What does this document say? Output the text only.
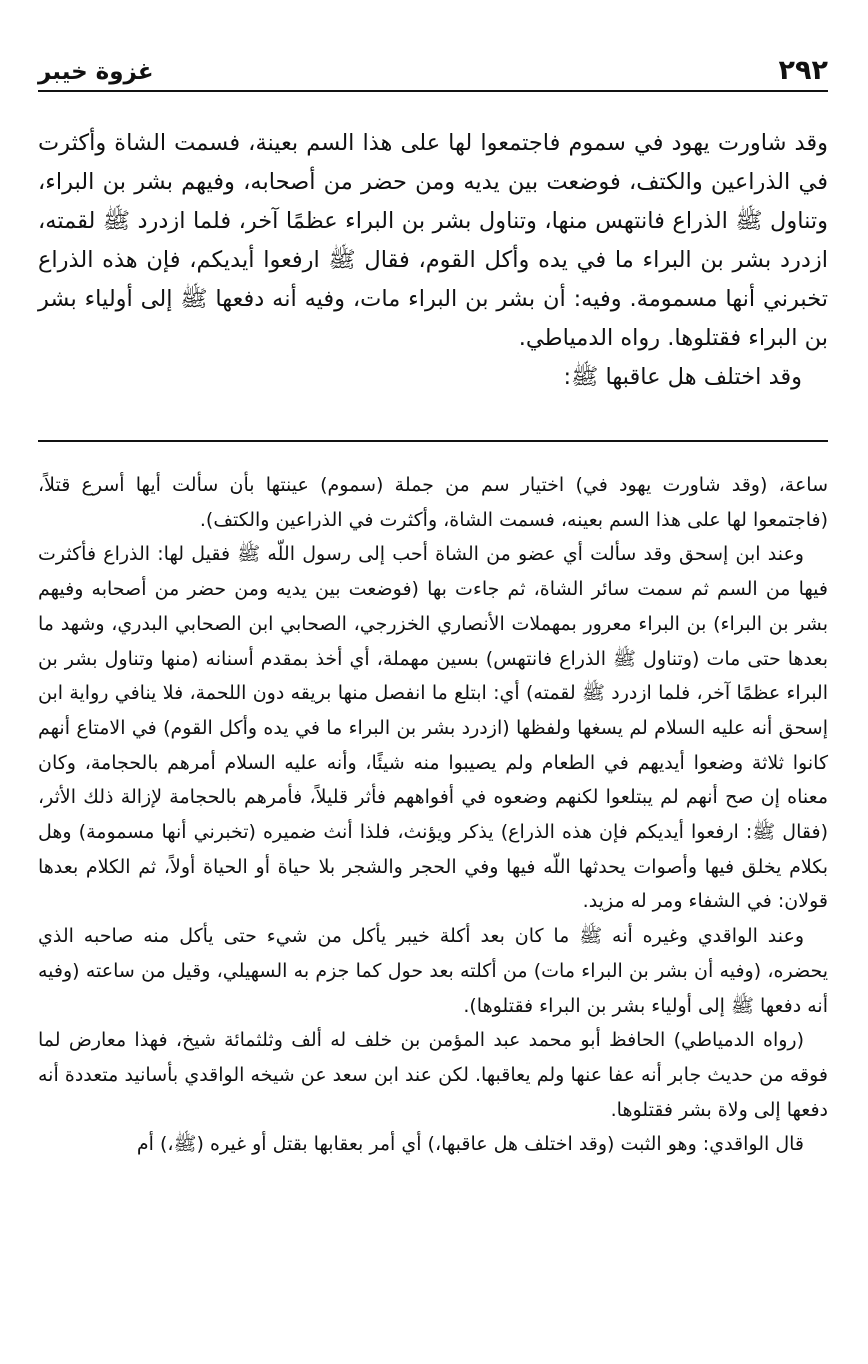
٢٩٢
غزوة خيبر

وقد شاورت يهود في سموم فاجتمعوا لها على هذا السم بعينة، فسمت الشاة وأكثرت في الذراعين والكتف، فوضعت بين يديه ومن حضر من أصحابه، وفيهم بشر بن البراء، وتناول ﷺ الذراع فانتهس منها، وتناول بشر بن البراء عظمًا آخر، فلما ازدرد ﷺ لقمته، ازدرد بشر بن البراء ما في يده وأكل القوم، فقال ﷺ ارفعوا أيديكم، فإن هذه الذراع تخبرني أنها مسمومة. وفيه: أن بشر بن البراء مات، وفيه أنه دفعها ﷺ إلى أولياء بشر بن البراء فقتلوها. رواه الدمياطي.

وقد اختلف هل عاقبها ﷺ:

ساعة، (وقد شاورت يهود في) اختيار سم من جملة (سموم) عينتها بأن سألت أيها أسرع قتلاً، (فاجتمعوا لها على هذا السم بعينه، فسمت الشاة، وأكثرت في الذراعين والكتف).

وعند ابن إسحق وقد سألت أي عضو من الشاة أحب إلى رسول اللّه ﷺ فقيل لها: الذراع فأكثرت فيها من السم ثم سمت سائر الشاة، ثم جاءت بها (فوضعت بين يديه ومن حضر من أصحابه وفيهم بشر بن البراء) بن البراء معرور بمهملات الأنصاري الخزرجي، الصحابي ابن الصحابي البدري، وشهد ما بعدها حتى مات (وتناول ﷺ الذراع فانتهس) بسين مهملة، أي أخذ بمقدم أسنانه (منها وتناول بشر بن البراء عظمًا آخر، فلما ازدرد ﷺ لقمته) أي: ابتلع ما انفصل منها بريقه دون اللحمة، فلا ينافي رواية ابن إسحق أنه عليه السلام لم يسغها ولفظها (ازدرد بشر بن البراء ما في يده وأكل القوم) في الامتاع أنهم كانوا ثلاثة وضعوا أيديهم في الطعام ولم يصيبوا منه شيئًا، وأنه عليه السلام أمرهم بالحجامة، وكان معناه إن صح أنهم لم يبتلعوا لكنهم وضعوه في أفواههم فأثر قليلاً، فأمرهم بالحجامة لإزالة ذلك الأثر، (فقال ﷺ: ارفعوا أيديكم فإن هذه الذراع) يذكر ويؤنث، فلذا أنث ضميره (تخبرني أنها مسمومة) وهل بكلام يخلق فيها وأصوات يحدثها اللّه فيها وفي الحجر والشجر بلا حياة أو الحياة أولاً، ثم الكلام بعدها قولان: في الشفاء ومر له مزيد.

وعند الواقدي وغيره أنه ﷺ ما كان بعد أكلة خيبر يأكل من شيء حتى يأكل منه صاحبه الذي يحضره، (وفيه أن بشر بن البراء مات) من أكلته بعد حول كما جزم به السهيلي، وقيل من ساعته (وفيه أنه دفعها ﷺ إلى أولياء بشر بن البراء فقتلوها).

(رواه الدمياطي) الحافظ أبو محمد عبد المؤمن بن خلف له ألف وثلثمائة شيخ، فهذا معارض لما فوقه من حديث جابر أنه عفا عنها ولم يعاقبها. لكن عند ابن سعد عن شيخه الواقدي بأسانيد متعددة أنه دفعها إلى ولاة بشر فقتلوها.

قال الواقدي: وهو الثبت (وقد اختلف هل عاقبها،) أي أمر بعقابها بقتل أو غيره (ﷺ،) أم
